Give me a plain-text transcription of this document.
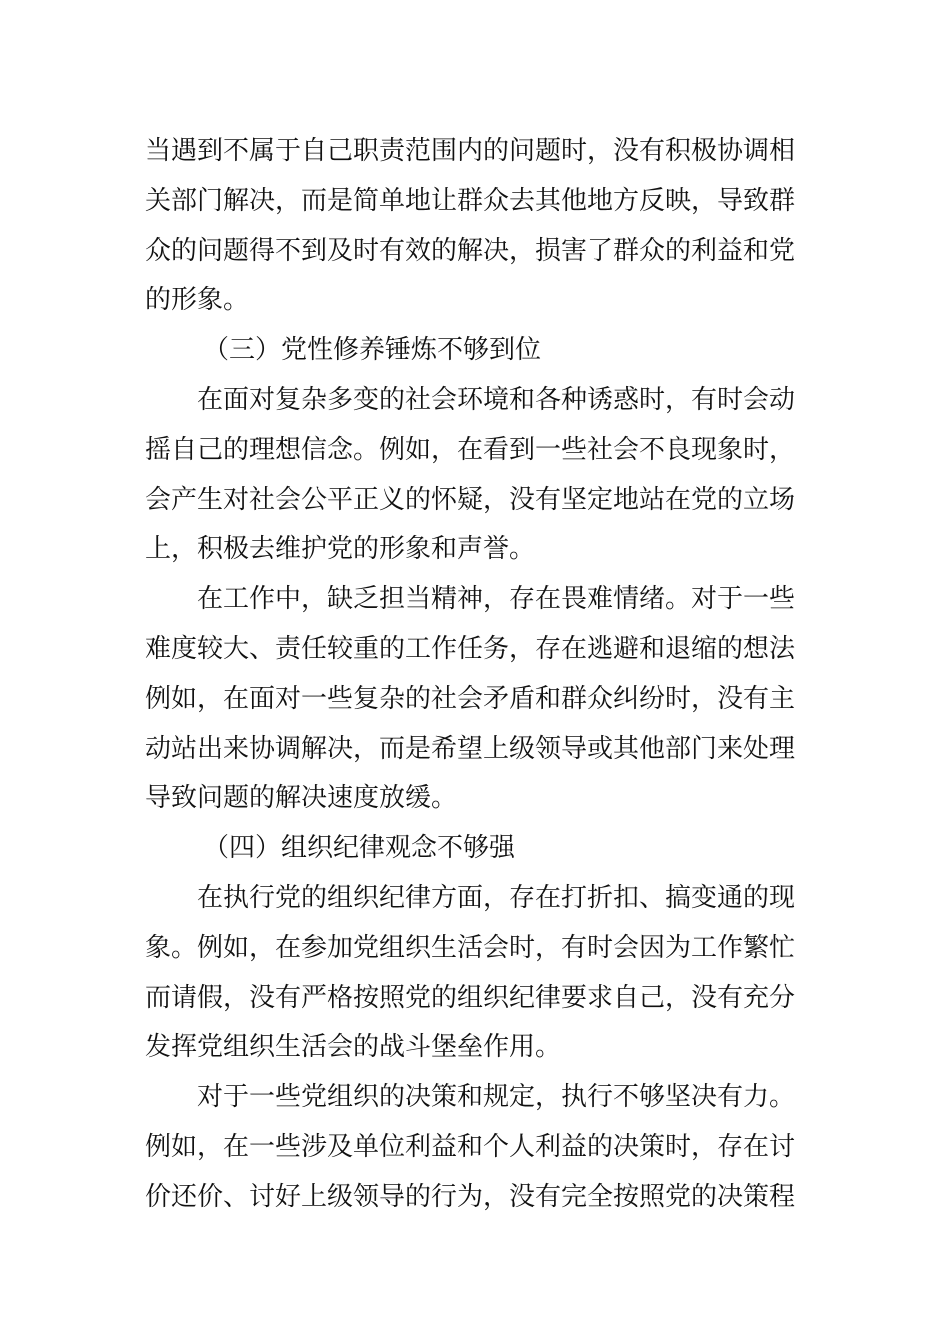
当遇到不属于自己职责范围内的问题时，没有积极协调相
关部门解决，而是简单地让群众去其他地方反映，导致群
众的问题得不到及时有效的解决，损害了群众的利益和党
的形象。
（三）党性修养锤炼不够到位
在面对复杂多变的社会环境和各种诱惑时，有时会动
摇自己的理想信念。例如，在看到一些社会不良现象时，
会产生对社会公平正义的怀疑，没有坚定地站在党的立场
上，积极去维护党的形象和声誉。
在工作中，缺乏担当精神，存在畏难情绪。对于一些
难度较大、责任较重的工作任务，存在逃避和退缩的想法
例如，在面对一些复杂的社会矛盾和群众纠纷时，没有主
动站出来协调解决，而是希望上级领导或其他部门来处理
导致问题的解决速度放缓。
（四）组织纪律观念不够强
在执行党的组织纪律方面，存在打折扣、搞变通的现
象。例如，在参加党组织生活会时，有时会因为工作繁忙
而请假，没有严格按照党的组织纪律要求自己，没有充分
发挥党组织生活会的战斗堡垒作用。
对于一些党组织的决策和规定，执行不够坚决有力。
例如，在一些涉及单位利益和个人利益的决策时，存在讨
价还价、讨好上级领导的行为，没有完全按照党的决策程
